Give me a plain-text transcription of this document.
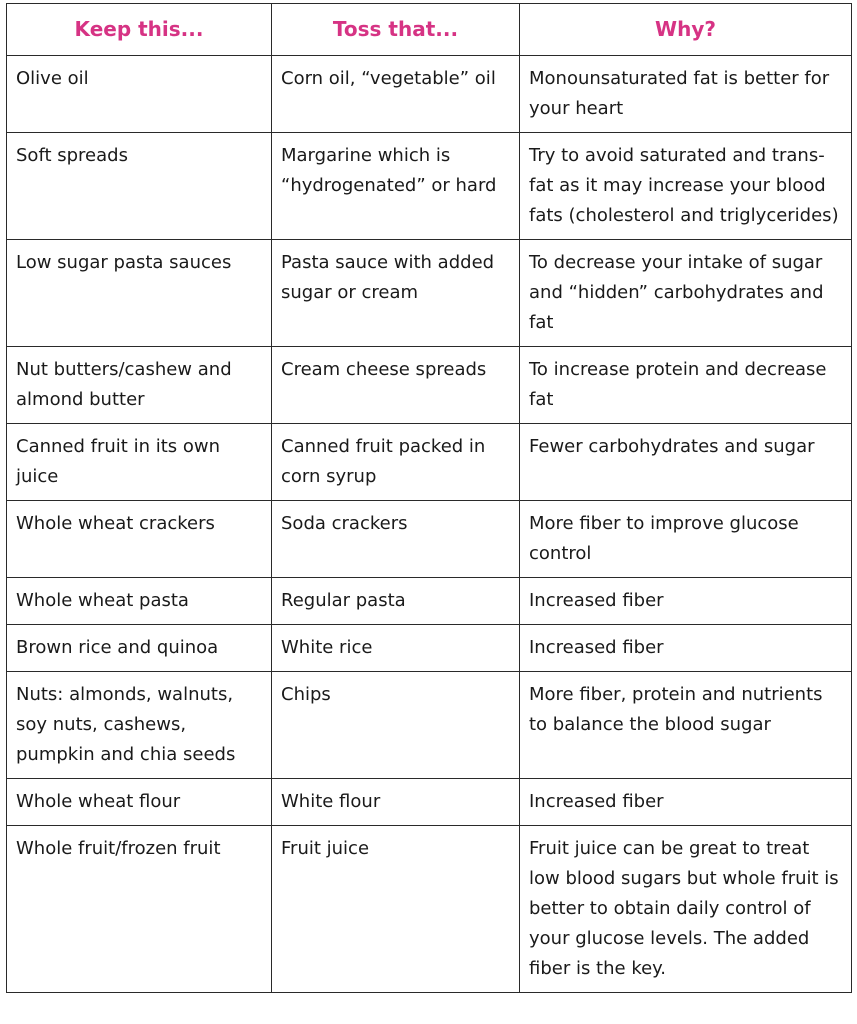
Keep this...	Toss that...	Why?
Olive oil	Corn oil, “vegetable” oil	Monounsaturated fat is better for your heart
Soft spreads	Margarine which is “hydrogenated” or hard	Try to avoid saturated and trans-fat as it may increase your blood fats (cholesterol and triglycerides)
Low sugar pasta sauces	Pasta sauce with added sugar or cream	To decrease your intake of sugar and “hidden” carbohydrates and fat
Nut butters/cashew and almond butter	Cream cheese spreads	To increase protein and decrease fat
Canned fruit in its own juice	Canned fruit packed in corn syrup	Fewer carbohydrates and sugar
Whole wheat crackers	Soda crackers	More fiber to improve glucose control
Whole wheat pasta	Regular pasta	Increased fiber
Brown rice and quinoa	White rice	Increased fiber
Nuts: almonds, walnuts, soy nuts, cashews, pumpkin and chia seeds	Chips	More fiber, protein and nutrients to balance the blood sugar
Whole wheat flour	White flour	Increased fiber
Whole fruit/frozen fruit	Fruit juice	Fruit juice can be great to treat low blood sugars but whole fruit is better to obtain daily control of your glucose levels. The added fiber is the key.
